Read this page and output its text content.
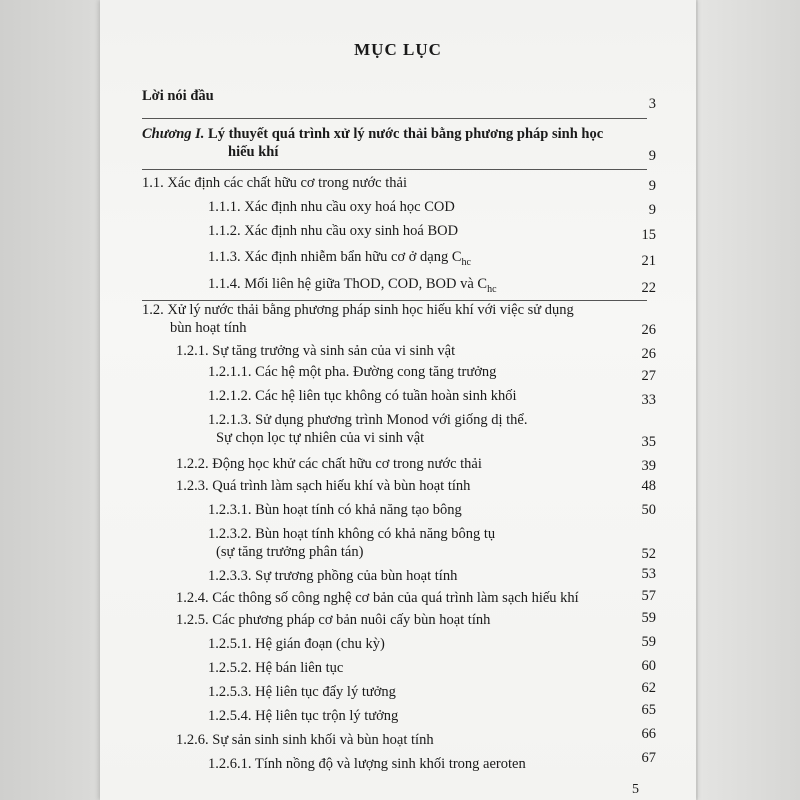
MỤC LỤC
Lời nói đầu	3
Chương I. Lý thuyết quá trình xử lý nước thải bằng phương pháp sinh học
hiếu khí	9
1.1. Xác định các chất hữu cơ trong nước thải	9
1.1.1. Xác định nhu cầu oxy hoá học COD	9
1.1.2. Xác định nhu cầu oxy sinh hoá BOD	15
1.1.3. Xác định nhiễm bẩn hữu cơ ở dạng $C_{hc}$	21
1.1.4. Mối liên hệ giữa ThOD, COD, BOD và $C_{hc}$	22
1.2. Xử lý nước thải bằng phương pháp sinh học hiếu khí với việc sử dụng
bùn hoạt tính	26
1.2.1. Sự tăng trưởng và sinh sản của vi sinh vật	26
1.2.1.1. Các hệ một pha. Đường cong tăng trưởng	27
1.2.1.2. Các hệ liên tục không có tuần hoàn sinh khối	33
1.2.1.3. Sử dụng phương trình Monod với giống dị thể.
Sự chọn lọc tự nhiên của vi sinh vật	35
1.2.2. Động học khử các chất hữu cơ trong nước thải	39
1.2.3. Quá trình làm sạch hiếu khí và bùn hoạt tính	48
1.2.3.1. Bùn hoạt tính có khả năng tạo bông	50
1.2.3.2. Bùn hoạt tính không có khả năng bông tụ
(sự tăng trưởng phân tán)	52
1.2.3.3. Sự trương phồng của bùn hoạt tính	53
1.2.4. Các thông số công nghệ cơ bản của quá trình làm sạch hiếu khí	57
1.2.5. Các phương pháp cơ bản nuôi cấy bùn hoạt tính	59
1.2.5.1. Hệ gián đoạn (chu kỳ)	59
1.2.5.2. Hệ bán liên tục	60
1.2.5.3. Hệ liên tục đẩy lý tưởng	62
1.2.5.4. Hệ liên tục trộn lý tưởng	65
1.2.6. Sự sản sinh sinh khối và bùn hoạt tính	66
1.2.6.1. Tính nồng độ và lượng sinh khối trong aeroten	67
5
